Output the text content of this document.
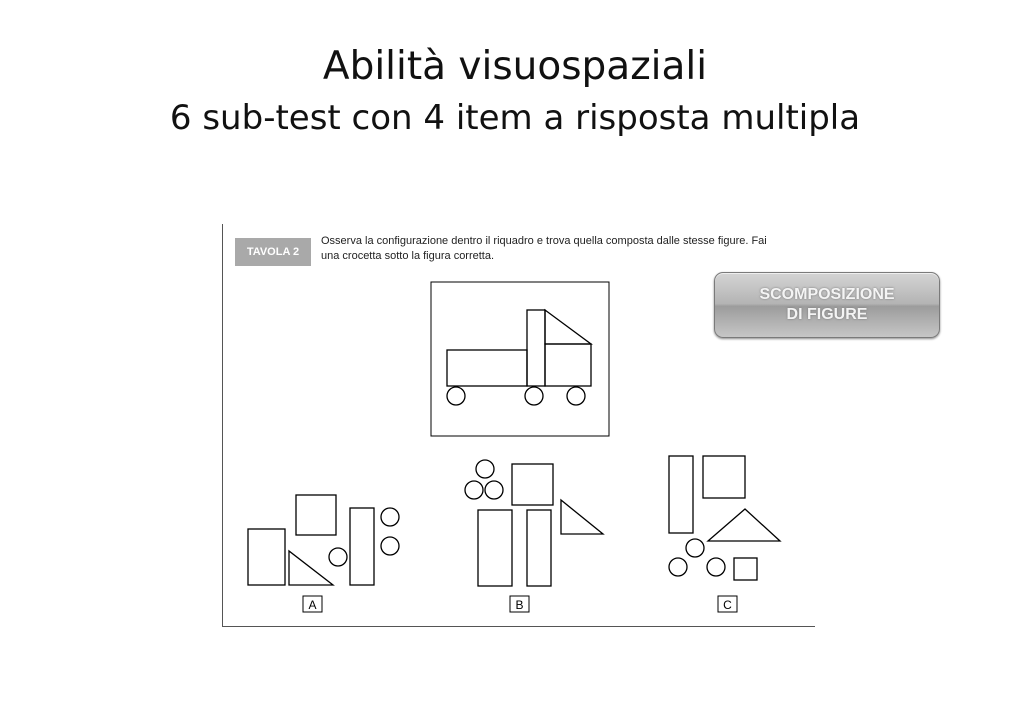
Abilità visuospaziali
6 sub-test con 4 item a risposta multipla
TAVOLA 2
Osserva la configurazione dentro il riquadro e trova quella composta dalle stesse figure. Fai
una crocetta sotto la figura corretta.
A	B	C
SCOMPOSIZIONE
DI FIGURE
